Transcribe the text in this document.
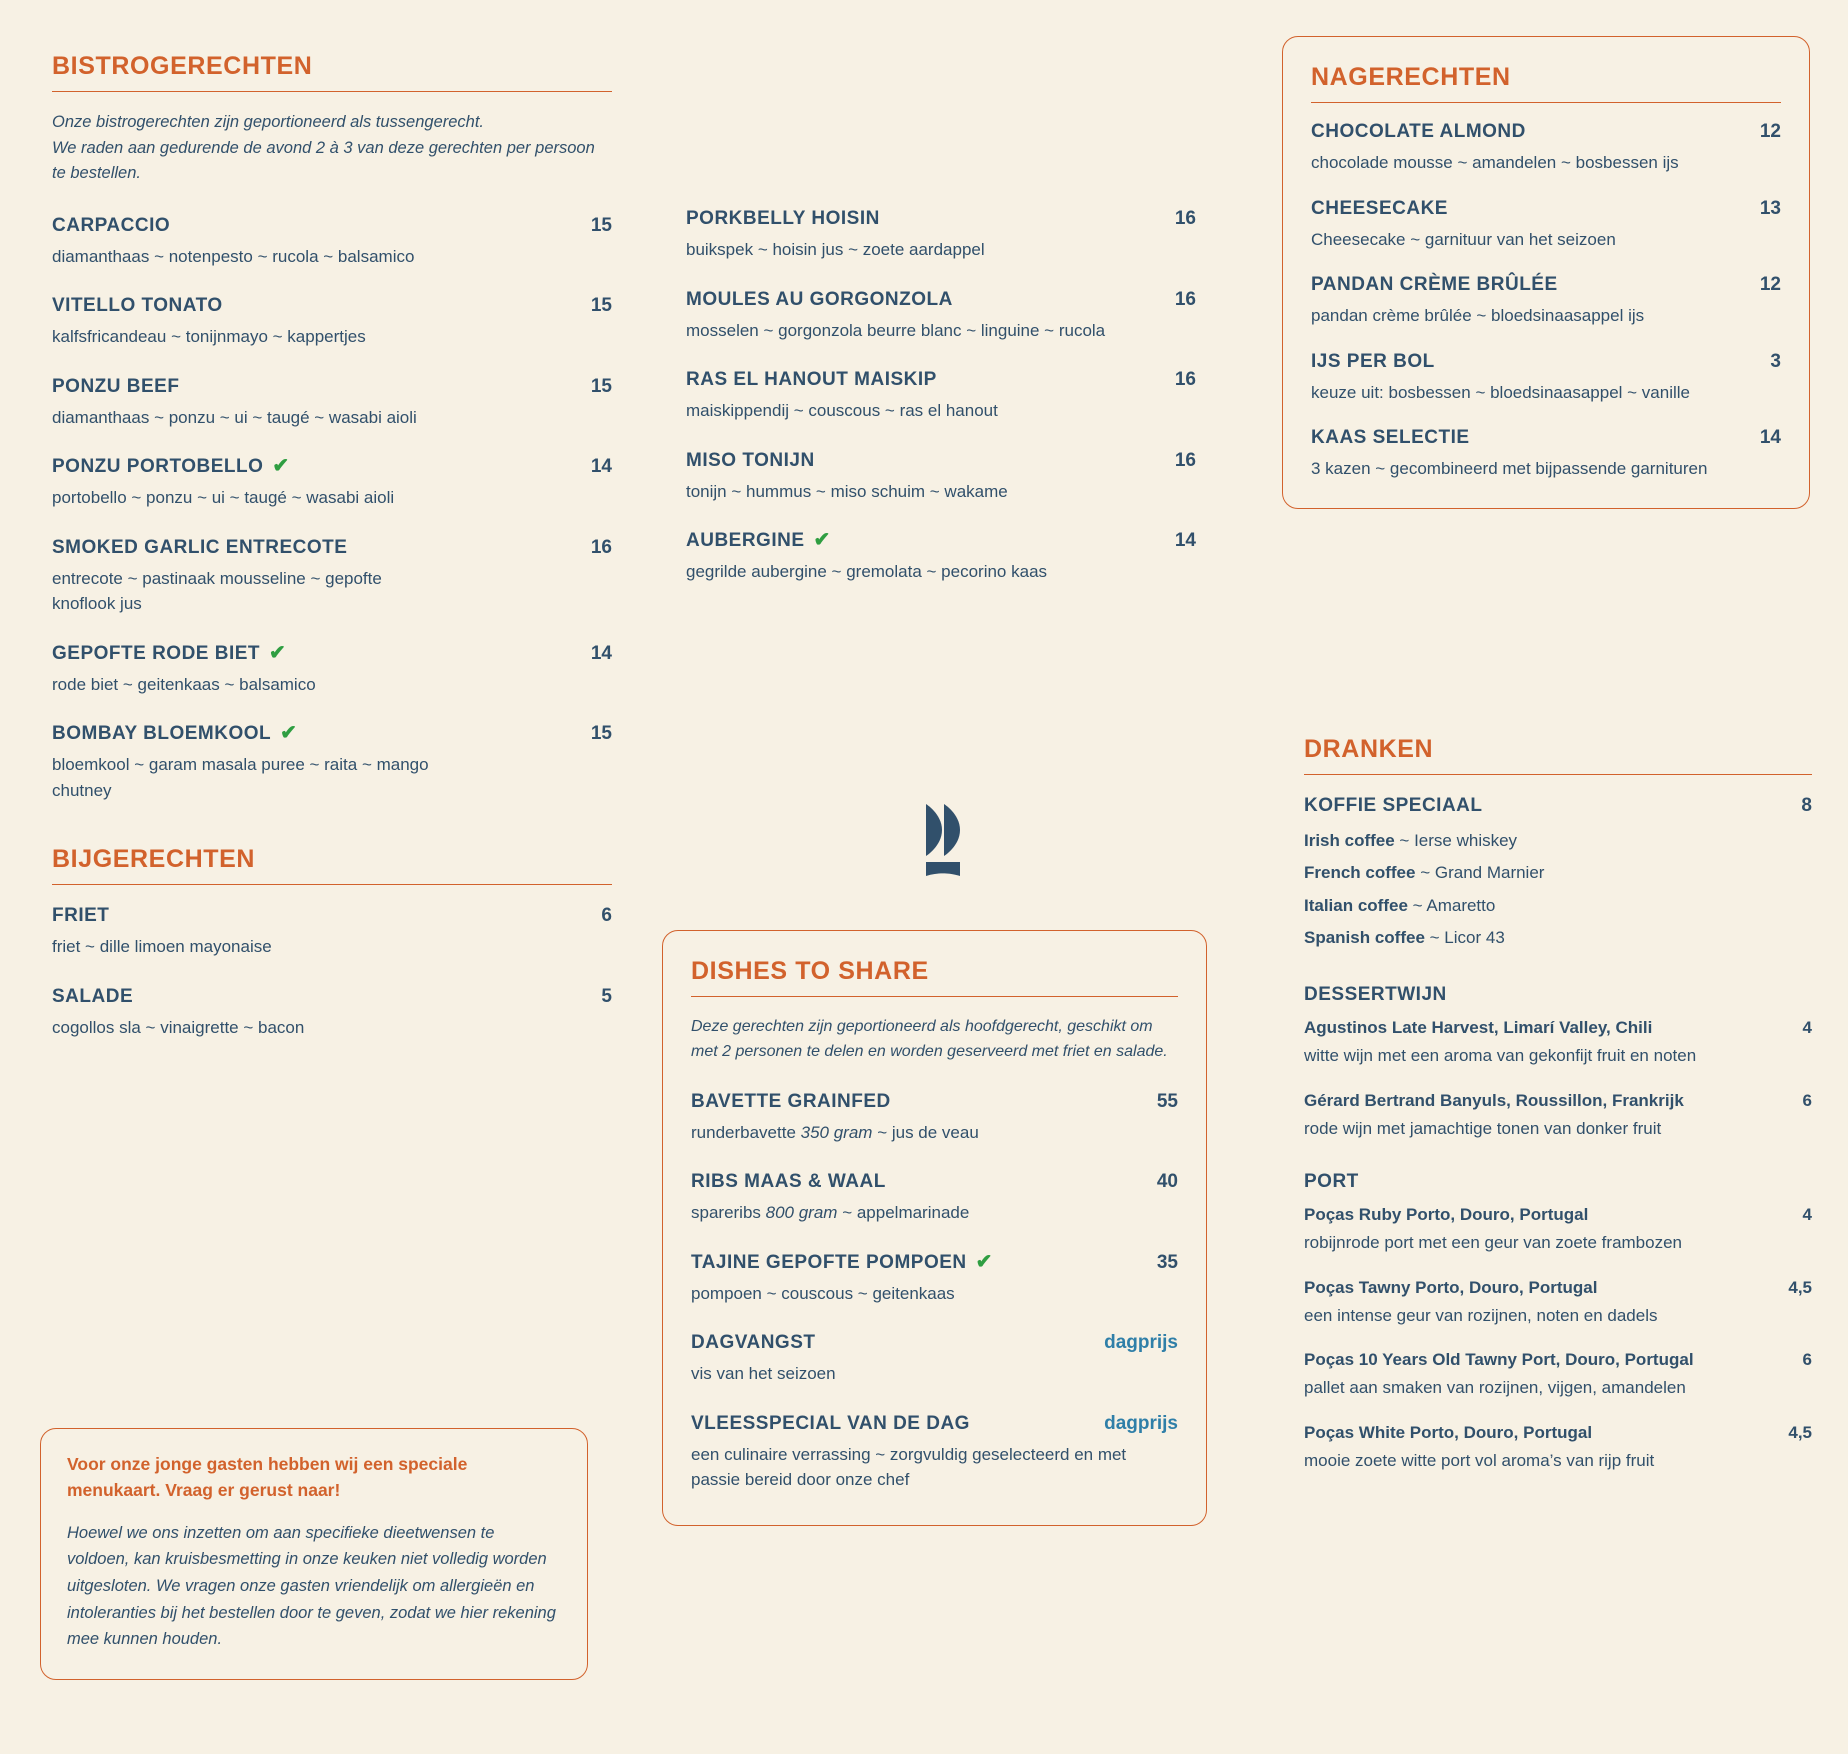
BISTROGERECHTEN

Onze bistrogerechten zijn geportioneerd als tussengerecht.
We raden aan gedurende de avond 2 à 3 van deze gerechten per persoon te bestellen.

CARPACCIO	15
diamanthaas ~ notenpesto ~ rucola ~ balsamico
VITELLO TONATO	15
kalfsfricandeau ~ tonijnmayo ~ kappertjes
PONZU BEEF	15
diamanthaas ~ ponzu ~ ui ~ taugé ~ wasabi aioli
PONZU PORTOBELLO ✔	14
portobello ~ ponzu ~ ui ~ taugé ~ wasabi aioli
SMOKED GARLIC ENTRECOTE	16
entrecote ~ pastinaak mousseline ~ gepofte knoflook jus
GEPOFTE RODE BIET ✔	14
rode biet ~ geitenkaas ~ balsamico
BOMBAY BLOEMKOOL ✔	15
bloemkool ~ garam masala puree ~ raita ~ mango chutney
BIJGERECHTEN
FRIET	6
friet ~ dille limoen mayonaise
SALADE	5
cogollos sla ~ vinaigrette ~ bacon
PORKBELLY HOISIN	16
buikspek ~ hoisin jus ~ zoete aardappel
MOULES AU GORGONZOLA	16
mosselen ~ gorgonzola beurre blanc ~ linguine ~ rucola
RAS EL HANOUT MAISKIP	16
maiskippendij ~ couscous ~ ras el hanout
MISO TONIJN	16
tonijn ~ hummus ~ miso schuim ~ wakame
AUBERGINE ✔	14
gegrilde aubergine ~ gremolata ~ pecorino kaas
DISHES TO SHARE

Deze gerechten zijn geportioneerd als hoofdgerecht, geschikt om met 2 personen te delen en worden geserveerd met friet en salade.

BAVETTE GRAINFED	55
runderbavette 350 gram ~ jus de veau
RIBS MAAS & WAAL	40
spareribs 800 gram ~ appelmarinade
TAJINE GEPOFTE POMPOEN ✔	35
pompoen ~ couscous ~ geitenkaas
DAGVANGST	dagprijs
vis van het seizoen
VLEESSPECIAL VAN DE DAG	dagprijs
een culinaire verrassing ~ zorgvuldig geselecteerd en met passie bereid door onze chef

Voor onze jonge gasten hebben wij een speciale menukaart. Vraag er gerust naar!

Hoewel we ons inzetten om aan specifieke dieetwensen te voldoen, kan kruisbesmetting in onze keuken niet volledig worden uitgesloten. We vragen onze gasten vriendelijk om allergieën en intoleranties bij het bestellen door te geven, zodat we hier rekening mee kunnen houden.

NAGERECHTEN
CHOCOLATE ALMOND	12
chocolade mousse ~ amandelen ~ bosbessen ijs
CHEESECAKE	13
Cheesecake ~ garnituur van het seizoen
PANDAN CRÈME BRÛLÉE	12
pandan crème brûlée ~ bloedsinaasappel ijs
IJS PER BOL	3
keuze uit: bosbessen ~ bloedsinaasappel ~ vanille
KAAS SELECTIE	14
3 kazen ~ gecombineerd met bijpassende garnituren
DRANKEN
KOFFIE SPECIAAL	8
Irish coffee ~ Ierse whiskey
French coffee ~ Grand Marnier
Italian coffee ~ Amaretto
Spanish coffee ~ Licor 43
DESSERTWIJN
Agustinos Late Harvest, Limarí Valley, Chili	4
witte wijn met een aroma van gekonfijt fruit en noten
Gérard Bertrand Banyuls, Roussillon, Frankrijk	6
rode wijn met jamachtige tonen van donker fruit
PORT
Poças Ruby Porto, Douro, Portugal	4
robijnrode port met een geur van zoete frambozen
Poças Tawny Porto, Douro, Portugal	4,5
een intense geur van rozijnen, noten en dadels
Poças 10 Years Old Tawny Port, Douro, Portugal	6
pallet aan smaken van rozijnen, vijgen, amandelen
Poças White Porto, Douro, Portugal	4,5
mooie zoete witte port vol aroma’s van rijp fruit
